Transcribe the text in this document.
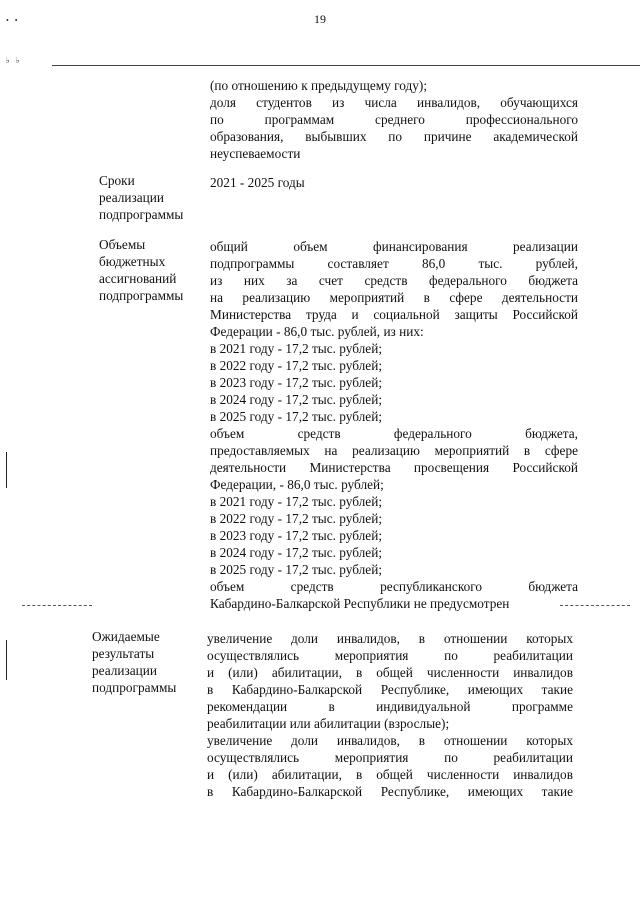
19
• •
♭ ♭
(по отношению к предыдущему году);
доля студентов из числа инвалидов, обучающихся
по программам среднего профессионального
образования, выбывших по причине академической
неуспеваемости
Сроки
реализации
подпрограммы
2021 - 2025 годы
Объемы
бюджетных
ассигнований
подпрограммы
общий объем финансирования реализации
подпрограммы составляет 86,0 тыс. рублей,
из них за счет средств федерального бюджета
на реализацию мероприятий в сфере деятельности
Министерства труда и социальной защиты Российской
Федерации - 86,0 тыс. рублей, из них:
в 2021 году - 17,2 тыс. рублей;
в 2022 году - 17,2 тыс. рублей;
в 2023 году - 17,2 тыс. рублей;
в 2024 году - 17,2 тыс. рублей;
в 2025 году - 17,2 тыс. рублей;
объем средств федерального бюджета,
предоставляемых на реализацию мероприятий в сфере
деятельности Министерства просвещения Российской
Федерации, - 86,0 тыс. рублей;
в 2021 году - 17,2 тыс. рублей;
в 2022 году - 17,2 тыс. рублей;
в 2023 году - 17,2 тыс. рублей;
в 2024 году - 17,2 тыс. рублей;
в 2025 году - 17,2 тыс. рублей;
объем средств республиканского бюджета
Кабардино-Балкарской Республики не предусмотрен
Ожидаемые
результаты
реализации
подпрограммы
увеличение доли инвалидов, в отношении которых
осуществлялись мероприятия по реабилитации
и (или) абилитации, в общей численности инвалидов
в Кабардино-Балкарской Республике, имеющих такие
рекомендации в индивидуальной программе
реабилитации или абилитации (взрослые);
увеличение доли инвалидов, в отношении которых
осуществлялись мероприятия по реабилитации
и (или) абилитации, в общей численности инвалидов
в Кабардино-Балкарской Республике, имеющих такие
